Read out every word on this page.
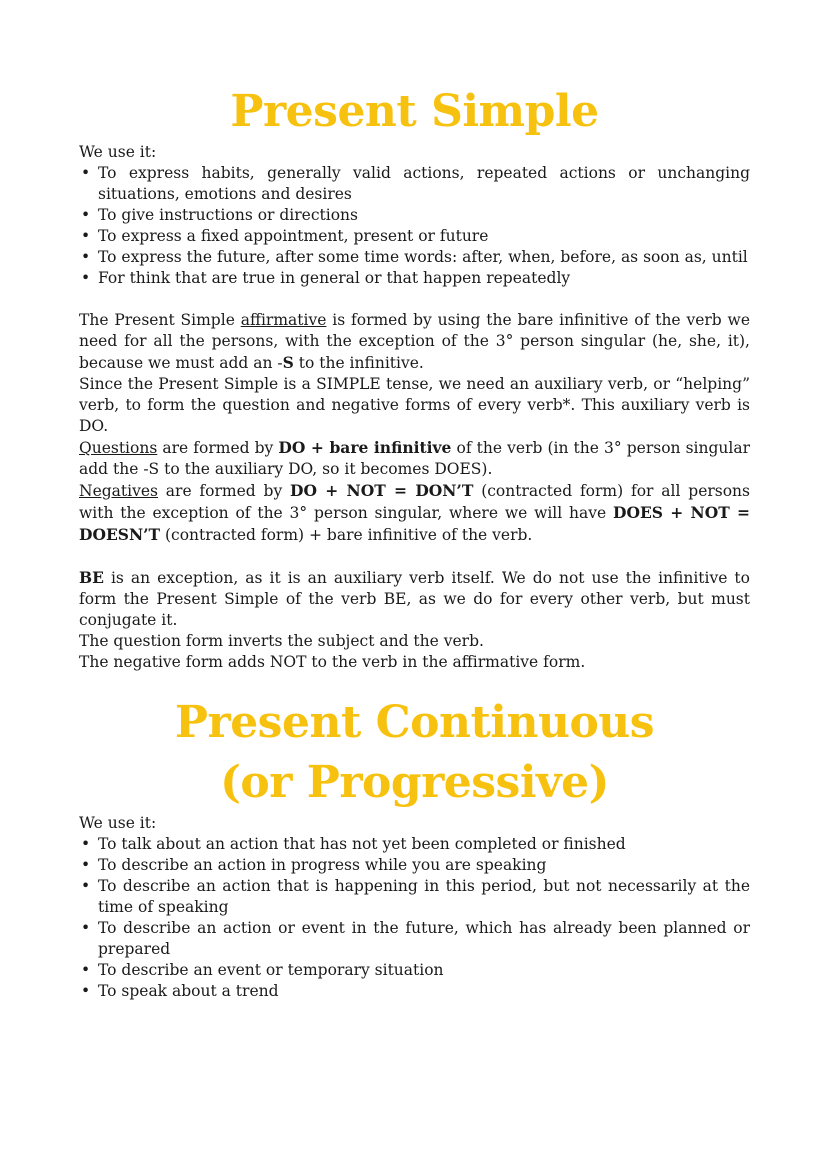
Present Simple
We use it:
• To express habits, generally valid actions, repeated actions or unchanging situations, emotions and desires
• To give instructions or directions
• To express a fixed appointment, present or future
• To express the future, after some time words: after, when, before, as soon as, until
• For think that are true in general or that happen repeatedly

The Present Simple affirmative is formed by using the bare infinitive of the verb we need for all the persons, with the exception of the 3° person singular (he, she, it), because we must add an -S to the infinitive.

Since the Present Simple is a SIMPLE tense, we need an auxiliary verb, or “helping” verb, to form the question and negative forms of every verb*. This auxiliary verb is DO.

Questions are formed by DO + bare infinitive of the verb (in the 3° person singular add the -S to the auxiliary DO, so it becomes DOES).

Negatives are formed by DO + NOT = DON’T (contracted form) for all persons with the exception of the 3° person singular, where we will have DOES + NOT = DOESN’T (contracted form) + bare infinitive of the verb.

BE is an exception, as it is an auxiliary verb itself. We do not use the infinitive to form the Present Simple of the verb BE, as we do for every other verb, but must conjugate it.

The question form inverts the subject and the verb.

The negative form adds NOT to the verb in the affirmative form.

Present Continuous
(or Progressive)
We use it:
• To talk about an action that has not yet been completed or finished
• To describe an action in progress while you are speaking
• To describe an action that is happening in this period, but not necessarily at the time of speaking
• To describe an action or event in the future, which has already been planned or prepared
• To describe an event or temporary situation
• To speak about a trend
